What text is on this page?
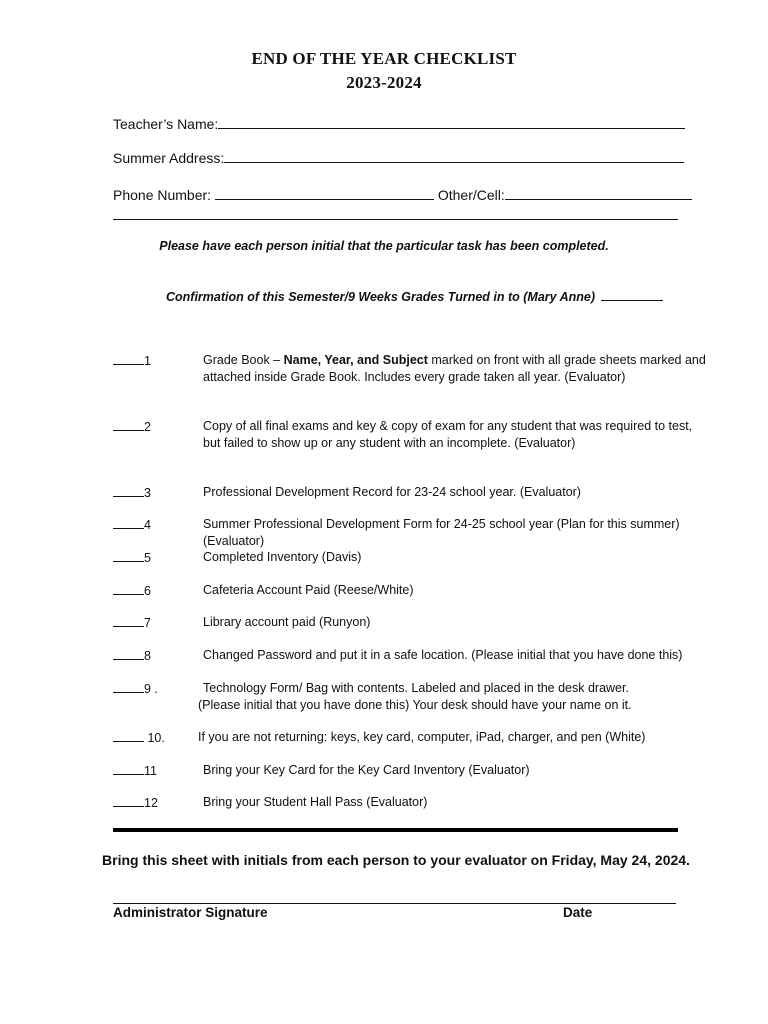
END OF THE YEAR CHECKLIST
2023-2024
Teacher’s Name:
Summer Address:
Phone Number:	Other/Cell:
Please have each person initial that the particular task has been completed.
Confirmation of this Semester/9 Weeks Grades Turned in to (Mary Anne)
1	Grade Book – Name, Year, and Subject marked on front with all grade sheets marked and
attached inside Grade Book. Includes every grade taken all year. (Evaluator)
2	Copy of all final exams and key & copy of exam for any student that was required to test,
but failed to show up or any student with an incomplete. (Evaluator)
3	Professional Development Record for 23-24 school year. (Evaluator)
4	Summer Professional Development Form for 24-25 school year (Plan for this summer) (Evaluator)
5	Completed Inventory (Davis)
6	Cafeteria Account Paid (Reese/White)
7	Library account paid (Runyon)
8	Changed Password and put it in a safe location. (Please initial that you have done this)
9 .	Technology Form/ Bag with contents. Labeled and placed in the desk drawer.
(Please initial that you have done this) Your desk should have your name on it.
10.	If you are not returning: keys, key card, computer, iPad, charger, and pen (White)
11	Bring your Key Card for the Key Card Inventory (Evaluator)
12	Bring your Student Hall Pass (Evaluator)
Bring this sheet with initials from each person to your evaluator on Friday, May 24, 2024.
Administrator Signature	Date
